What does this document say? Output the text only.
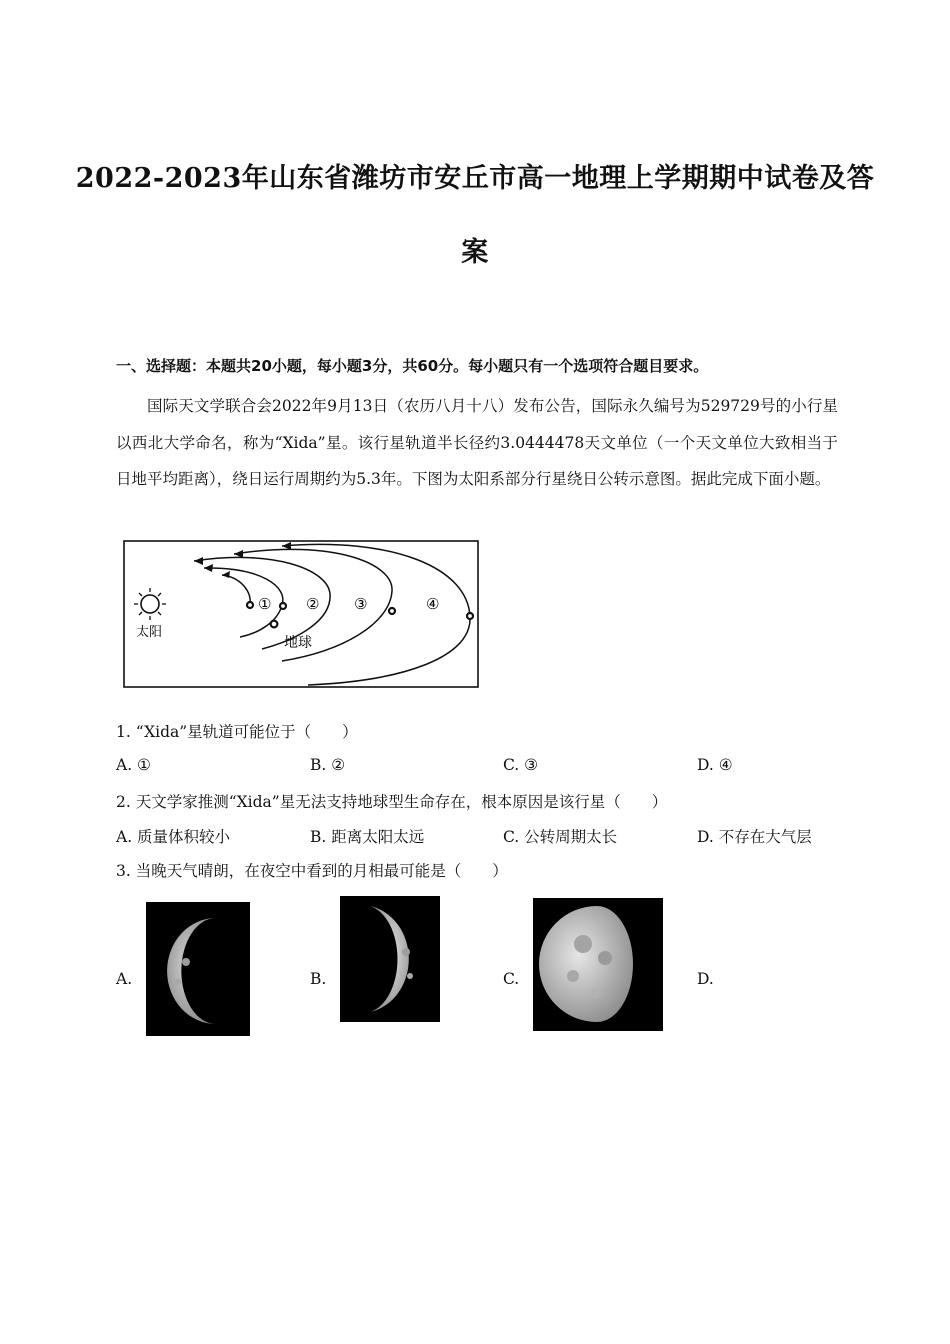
2022-2023年山东省潍坊市安丘市高一地理上学期期中试卷及答
案
一、选择题：本题共20小题，每小题3分，共60分。每小题只有一个选项符合题目要求。
国际天文学联合会2022年9月13日（农历八月十八）发布公告，国际永久编号为529729号的小行星以西北大学命名，称为“Xida”星。该行星轨道半长径约3.0444478天文单位（一个天文单位大致相当于日地平均距离），绕日运行周期约为5.3年。下图为太阳系部分行星绕日公转示意图。据此完成下面小题。
太阳
① ② ③	④
地球
1. “Xida”星轨道可能位于（　　）
A. ①	B. ②	C. ③	D. ④
2. 天文学家推测“Xida”星无法支持地球型生命存在，根本原因是该行星（　　）
A. 质量体积较小	B. 距离太阳太远	C. 公转周期太长	D. 不存在大气层
3. 当晚天气晴朗，在夜空中看到的月相最可能是（　　）
A.	B.	C.	D.
